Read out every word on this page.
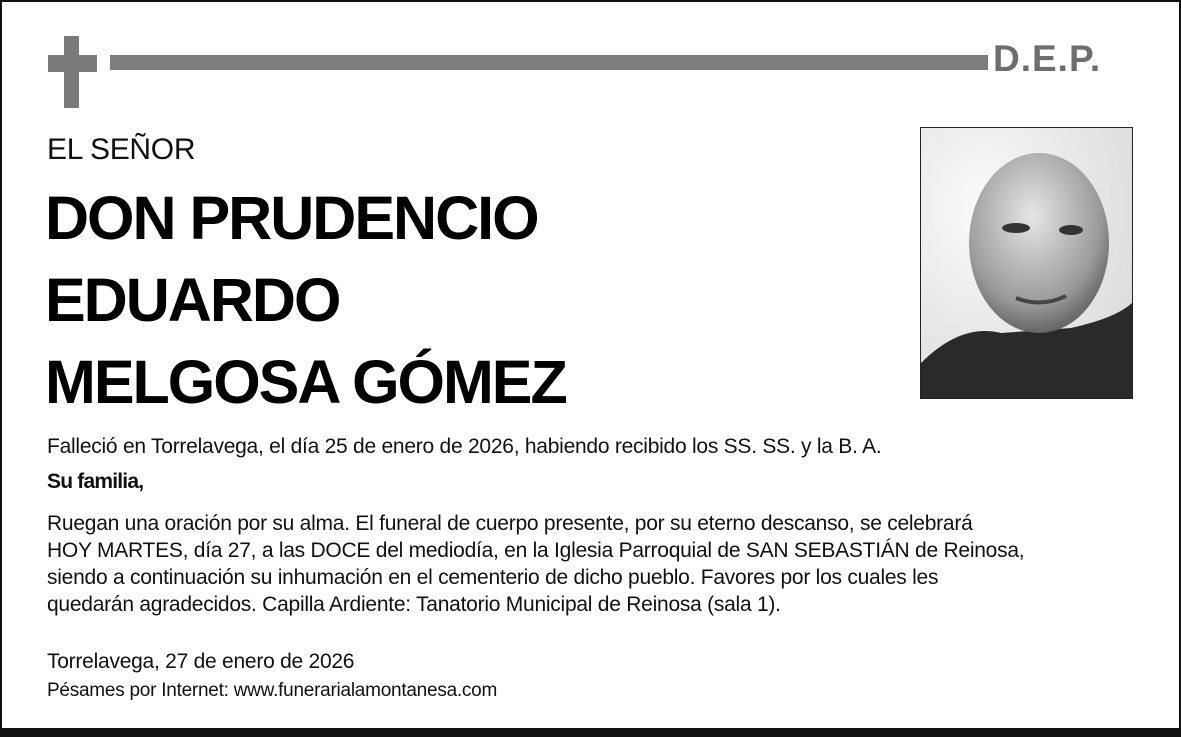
D.E.P.
EL SEÑOR
DON PRUDENCIO
EDUARDO
MELGOSA GÓMEZ
Falleció en Torrelavega, el día 25 de enero de 2026, habiendo recibido los SS. SS. y la B. A.
Su familia,
Ruegan una oración por su alma. El funeral de cuerpo presente, por su eterno descanso, se celebrará
HOY MARTES, día 27, a las DOCE del mediodía, en la Iglesia Parroquial de SAN SEBASTIÁN de Reinosa,
siendo a continuación su inhumación en el cementerio de dicho pueblo. Favores por los cuales les
quedarán agradecidos. Capilla Ardiente: Tanatorio Municipal de Reinosa (sala 1).
Torrelavega, 27 de enero de 2026
Pésames por Internet: www.funerarialamontanesa.com
